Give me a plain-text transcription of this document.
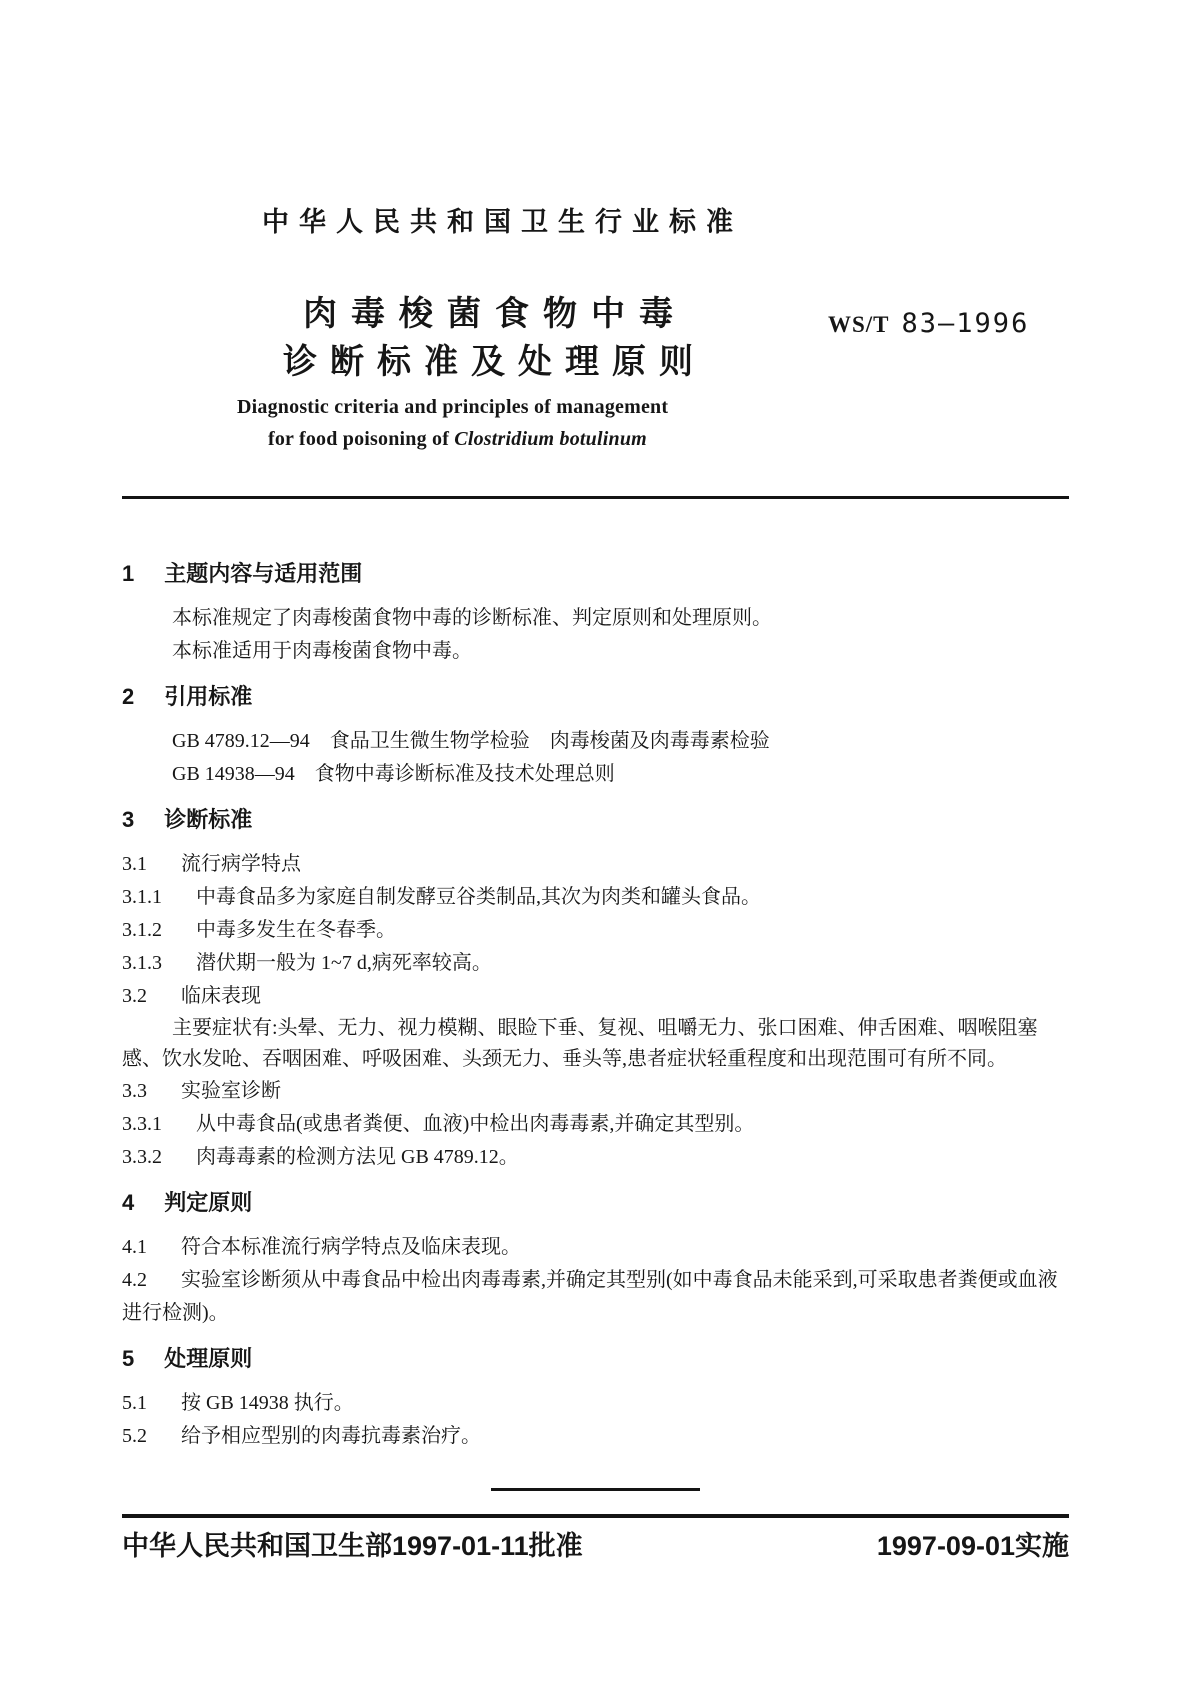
中华人民共和国卫生行业标准
肉毒梭菌食物中毒
诊断标准及处理原则
WS/T 83—1996
Diagnostic criteria and principles of management
for food poisoning of Clostridium botulinum

1 主题内容与适用范围

本标准规定了肉毒梭菌食物中毒的诊断标准、判定原则和处理原则。

本标准适用于肉毒梭菌食物中毒。

2 引用标准

GB 4789.12—94　食品卫生微生物学检验　肉毒梭菌及肉毒毒素检验

GB 14938—94　食物中毒诊断标准及技术处理总则

3 诊断标准

3.1 流行病学特点

3.1.1 中毒食品多为家庭自制发酵豆谷类制品,其次为肉类和罐头食品。

3.1.2 中毒多发生在冬春季。

3.1.3 潜伏期一般为 1~7 d,病死率较高。

3.2 临床表现

主要症状有:头晕、无力、视力模糊、眼睑下垂、复视、咀嚼无力、张口困难、伸舌困难、咽喉阻塞感、饮水发呛、吞咽困难、呼吸困难、头颈无力、垂头等,患者症状轻重程度和出现范围可有所不同。

3.3 实验室诊断

3.3.1 从中毒食品(或患者粪便、血液)中检出肉毒毒素,并确定其型别。

3.3.2 肉毒毒素的检测方法见 GB 4789.12。

4 判定原则

4.1 符合本标准流行病学特点及临床表现。

4.2 实验室诊断须从中毒食品中检出肉毒毒素,并确定其型别(如中毒食品未能采到,可采取患者粪便或血液进行检测)。

5 处理原则

5.1 按 GB 14938 执行。

5.2 给予相应型别的肉毒抗毒素治疗。

中华人民共和国卫生部1997-01-11批准	1997-09-01实施
